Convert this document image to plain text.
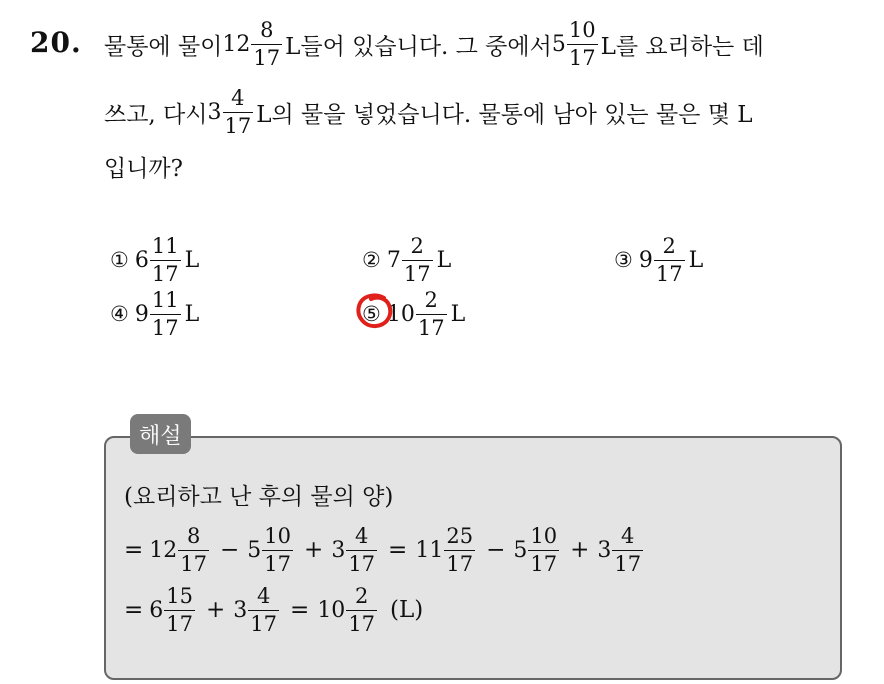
20. 물통에 물이 $12 \frac{8}{17}$ L들어 있습니다. 그 중에서 $5 \frac{10}{17}$ L를 요리하는 데
쓰고, 다시 $3 \frac{4}{17}$ L의 물을 넣었습니다. 물통에 남아 있는 물은 몇 L
입니까?
① $6 \frac{11}{17}$ L	② $7 \frac{2}{17}$ L	③ $9 \frac{2}{17}$ L
④ $9 \frac{11}{17}$ L	⑤ $10 \frac{2}{17}$ L
해설
(요리하고 난 후의 물의 양)
= $12 \frac{8}{17} - 5 \frac{10}{17} + 3 \frac{4}{17} = 11 \frac{25}{17} - 5 \frac{10}{17} + 3 \frac{4}{17}$
= $6 \frac{15}{17} + 3 \frac{4}{17} = 10 \frac{2}{17} (L)$
